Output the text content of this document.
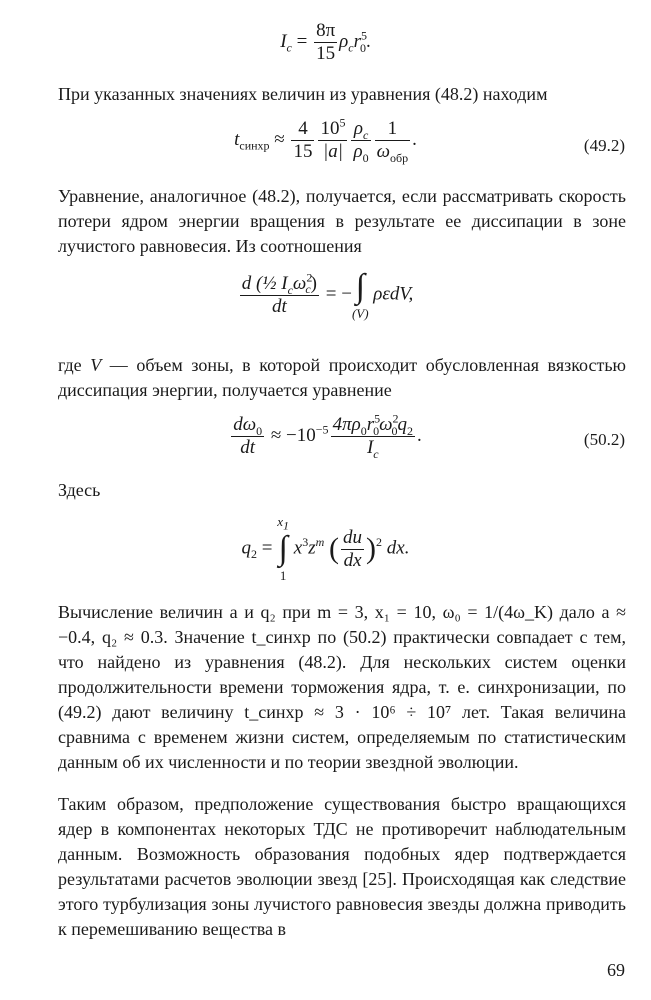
$I_c = \frac{8\pi}{15} \rho_cr^5_0$.

При указанных значениях величин из уравнения (48.2) находим

$t_{синхр} \approx \frac{4}{15} \frac{10^5}{|a|} \frac{\rho_c}{\rho_0} \frac{1}{\omega_{обр}}$ .	(49.2)

Уравнение, аналогичное (48.2), получается, если рассматривать скорость потери ядром энергии вращения в результате ее диссипации в зоне лучистого равновесия. Из соотношения

$\frac{d (\frac{1}{2} I_c\omega^2_c)}{dt}$ = − ∫
(V)
ρεdV,

где V — объем зоны, в которой происходит обусловленная вязкостью диссипация энергии, получается уравнение

$\frac{d\omega_0}{dt} \approx -10^{-5} \frac{4\pi\rho_0r^5_0\omega^2_0q_2}{I_c}$ .	(50.2)

Здесь

$q_2$ =
$x_1$
∫
1
$x^3z^m$ ( $\frac{du}{dx} )^2$ dx.

Вычисление величин a и q₂ при m = 3, x₁ = 10, ω₀ = 1/(4ω_K) дало a ≈ −0.4, q₂ ≈ 0.3. Значение t_синхр по (50.2) практически совпадает с тем, что найдено из уравнения (48.2). Для нескольких систем оценки продолжительности времени торможения ядра, т. е. синхронизации, по (49.2) дают величину t_синхр ≈ 3 · 10⁶ ÷ 10⁷ лет. Такая величина сравнима с временем жизни систем, определяемым по статистическим данным об их численности и по теории звездной эволюции.

Таким образом, предположение существования быстро вращающихся ядер в компонентах некоторых ТДС не противоречит наблюдательным данным. Возможность образования подобных ядер подтверждается результатами расчетов эволюции звезд [25]. Происходящая как следствие этого турбулизация зоны лучистого равновесия звезды должна приводить к перемешиванию вещества в

69
